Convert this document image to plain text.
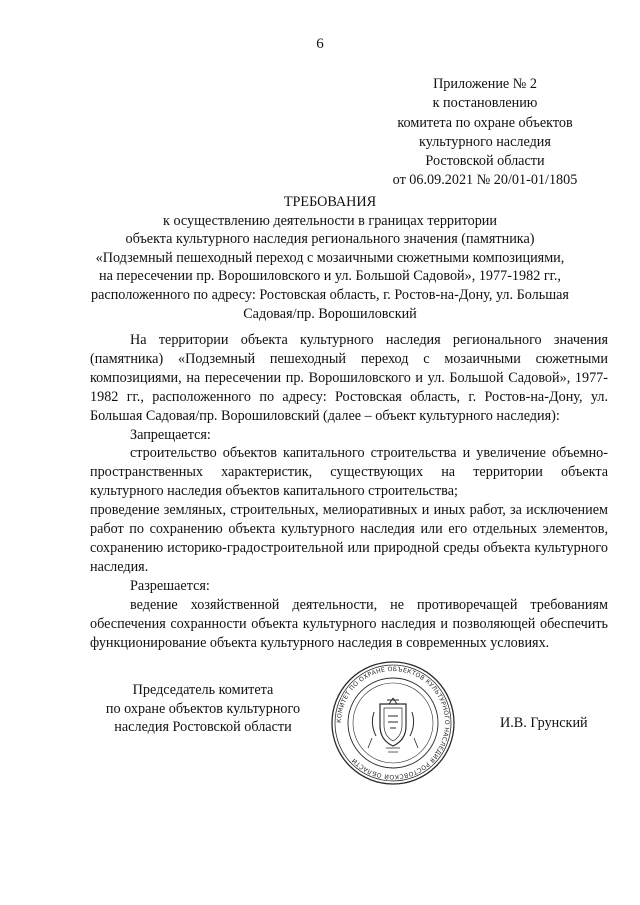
6
Приложение № 2
к постановлению
комитета по охране объектов
культурного наследия
Ростовской области
от 06.09.2021 № 20/01-01/1805
ТРЕБОВАНИЯ
к осуществлению деятельности в границах территории
объекта культурного наследия регионального значения (памятника)
«Подземный пешеходный переход с мозаичными сюжетными композициями,
на пересечении пр. Ворошиловского и ул. Большой Садовой», 1977-1982 гг.,
расположенного по адресу: Ростовская область, г. Ростов-на-Дону, ул. Большая
Садовая/пр. Ворошиловский

На территории объекта культурного наследия регионального значения (памятника) «Подземный пешеходный переход с мозаичными сюжетными композициями, на пересечении пр. Ворошиловского и ул. Большой Садовой», 1977-1982 гг., расположенного по адресу: Ростовская область, г. Ростов-на-Дону, ул. Большая Садовая/пр. Ворошиловский (далее – объект культурного наследия):

Запрещается:

строительство объектов капитального строительства и увеличение объемно-пространственных характеристик, существующих на территории объекта культурного наследия объектов капитального строительства;

проведение земляных, строительных, мелиоративных и иных работ, за исключением работ по сохранению объекта культурного наследия или его отдельных элементов, сохранению историко-градостроительной или природной среды объекта культурного наследия.

Разрешается:

ведение хозяйственной деятельности, не противоречащей требованиям обеспечения сохранности объекта культурного наследия и позволяющей обеспечить функционирование объекта культурного наследия в современных условиях.

Председатель комитета
по охране объектов культурного
наследия Ростовской области	КОМИТЕТ ПО ОХРАНЕ ОБЪЕКТОВ КУЛЬТУРНОГО НАСЛЕДИЯ РОСТОВСКОЙ ОБЛАСТИ
И.В. Грунский
